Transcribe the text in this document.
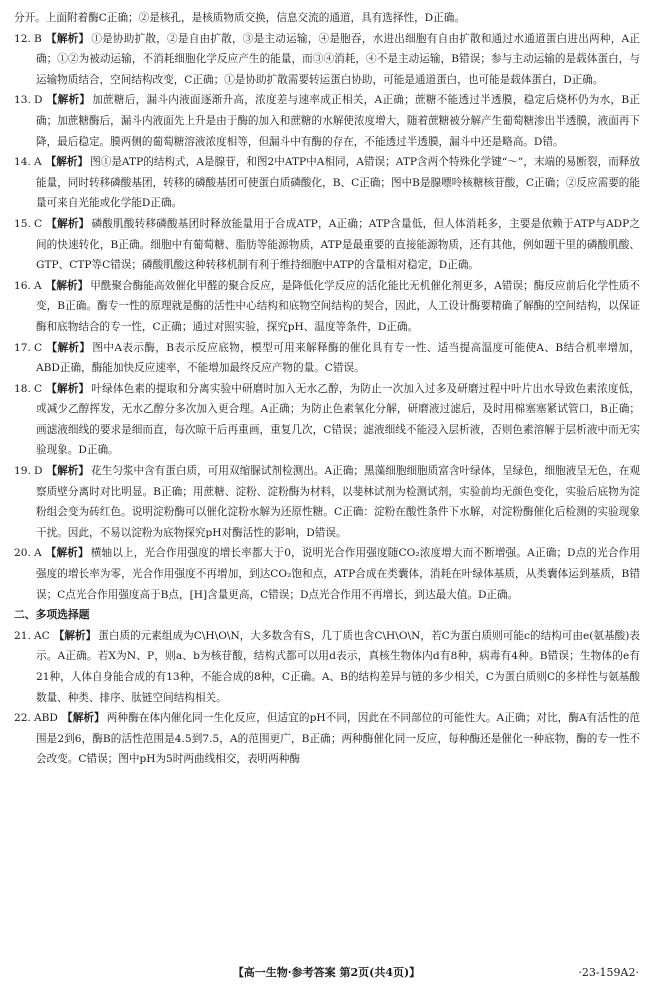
分开。上面附着酶C正确；②是核孔，是核质物质交换，信息交流的通道，具有选择性，D正确。

12. B 【解析】 ①是协助扩散，②是自由扩散，③是主动运输，④是胞吞，水进出细胞有自由扩散和通过水通道蛋白进出两种，A正确；①②为被动运输，不消耗细胞化学反应产生的能量，而③④消耗，④不是主动运输，B错误；参与主动运输的是载体蛋白，与运输物质结合，空间结构改变，C正确；①是协助扩散需要转运蛋白协助，可能是通道蛋白，也可能是载体蛋白，D正确。

13. D 【解析】 加蔗糖后，漏斗内液面逐渐升高，浓度差与速率成正相关，A正确；蔗糖不能透过半透膜，稳定后烧杯仍为水，B正确；加蔗糖酶后，漏斗内液面先上升是由于酶的加入和蔗糖的水解使浓度增大，随着蔗糖被分解产生葡萄糖渗出半透膜，液面再下降，最后稳定。膜两侧的葡萄糖溶液浓度相等，但漏斗中有酶的存在，不能透过半透膜，漏斗中还是略高。D错。

14. A 【解析】 图①是ATP的结构式，A是腺苷，和图2中ATP中A相同，A错误；ATP含两个特殊化学键“～”，末端的易断裂，而释放能量，同时转移磷酸基团，转移的磷酸基团可使蛋白质磷酸化，B、C正确；图中B是腺嘌呤核糖核苷酸，C正确；②反应需要的能量可来自光能或化学能D正确。

15. C 【解析】 磷酸肌酸转移磷酸基团时释放能量用于合成ATP，A正确；ATP含量低，但人体消耗多，主要是依赖于ATP与ADP之间的快速转化，B正确。细胞中有葡萄糖、脂肪等能源物质，ATP是最重要的直接能源物质，还有其他，例如题干里的磷酸肌酸、GTP、CTP等C错误；磷酸肌酸这种转移机制有利于维持细胞中ATP的含量相对稳定，D正确。

16. A 【解析】 甲酰聚合酶能高效催化甲醛的聚合反应，是降低化学反应的活化能比无机催化剂更多，A错误；酶反应前后化学性质不变，B正确。酶专一性的原理就是酶的活性中心结构和底物空间结构的契合，因此，人工设计酶要精确了解酶的空间结构，以保证酶和底物结合的专一性，C正确；通过对照实验，探究pH、温度等条件，D正确。

17. C 【解析】 图中A表示酶，B表示反应底物，模型可用来解释酶的催化具有专一性、适当提高温度可能使A、B结合机率增加，ABD正确，酶能加快反应速率，不能增加最终反应产物的量。C错误。

18. C 【解析】 叶绿体色素的提取和分离实验中研磨时加入无水乙醇，为防止一次加入过多及研磨过程中叶片出水导致色素浓度低，或减少乙醇挥发，无水乙醇分多次加入更合理。A正确；为防止色素氧化分解，研磨液过滤后，及时用棉塞塞紧试管口，B正确；画滤液细线的要求是细而直，每次晾干后再重画，重复几次，C错误；滤液细线不能浸入层析液，否则色素溶解于层析液中而无实验现象。D正确。

19. D 【解析】 花生匀浆中含有蛋白质，可用双缩脲试剂检测出。A正确；黑藻细胞细胞质富含叶绿体，呈绿色，细胞液呈无色，在观察质壁分离时对比明显。B正确；用蔗糖、淀粉、淀粉酶为材料，以斐林试剂为检测试剂，实验前均无颜色变化，实验后底物为淀粉组会变为砖红色。说明淀粉酶可以催化淀粉水解为还原性糖。C正确：淀粉在酸性条件下水解，对淀粉酶催化后检测的实验现象干扰。因此，不易以淀粉为底物探究pH对酶活性的影响，D错误。

20. A 【解析】 横轴以上，光合作用强度的增长率都大于0，说明光合作用强度随CO₂浓度增大而不断增强。A正确；D点的光合作用强度的增长率为零，光合作用强度不再增加，到达CO₂饱和点，ATP合成在类囊体，消耗在叶绿体基质，从类囊体运到基质，B错误；C点光合作用强度高于B点，[H]含量更高，C错误；D点光合作用不再增长，到达最大值。D正确。

二、多项选择题

21. AC 【解析】 蛋白质的元素组成为C\H\O\N，大多数含有S，几丁质也含C\H\O\N，若C为蛋白质则可能c的结构可由e(氨基酸)表示。A正确。若X为N、P，则a、b为核苷酸，结构式都可以用d表示，真核生物体内d有8种，病毒有4种。B错误；生物体的e有21种，人体自身能合成的有13种，不能合成的8种，C正确。A、B的结构差异与链的多少相关，C为蛋白质则C的多样性与氨基酸数量、种类、排序、肽链空间结构相关。

22. ABD 【解析】 两种酶在体内催化同一生化反应，但适宜的pH不同，因此在不同部位的可能性大。A正确；对比，酶A有活性的范围是2到6，酶B的活性范围是4.5到7.5，A的范围更广，B正确；两种酶催化同一反应，每种酶还是催化一种底物，酶的专一性不会改变。C错误；图中pH为5时两曲线相交，表明两种酶

【高一生物·参考答案 第2页(共4页)】	·23-159A2·
